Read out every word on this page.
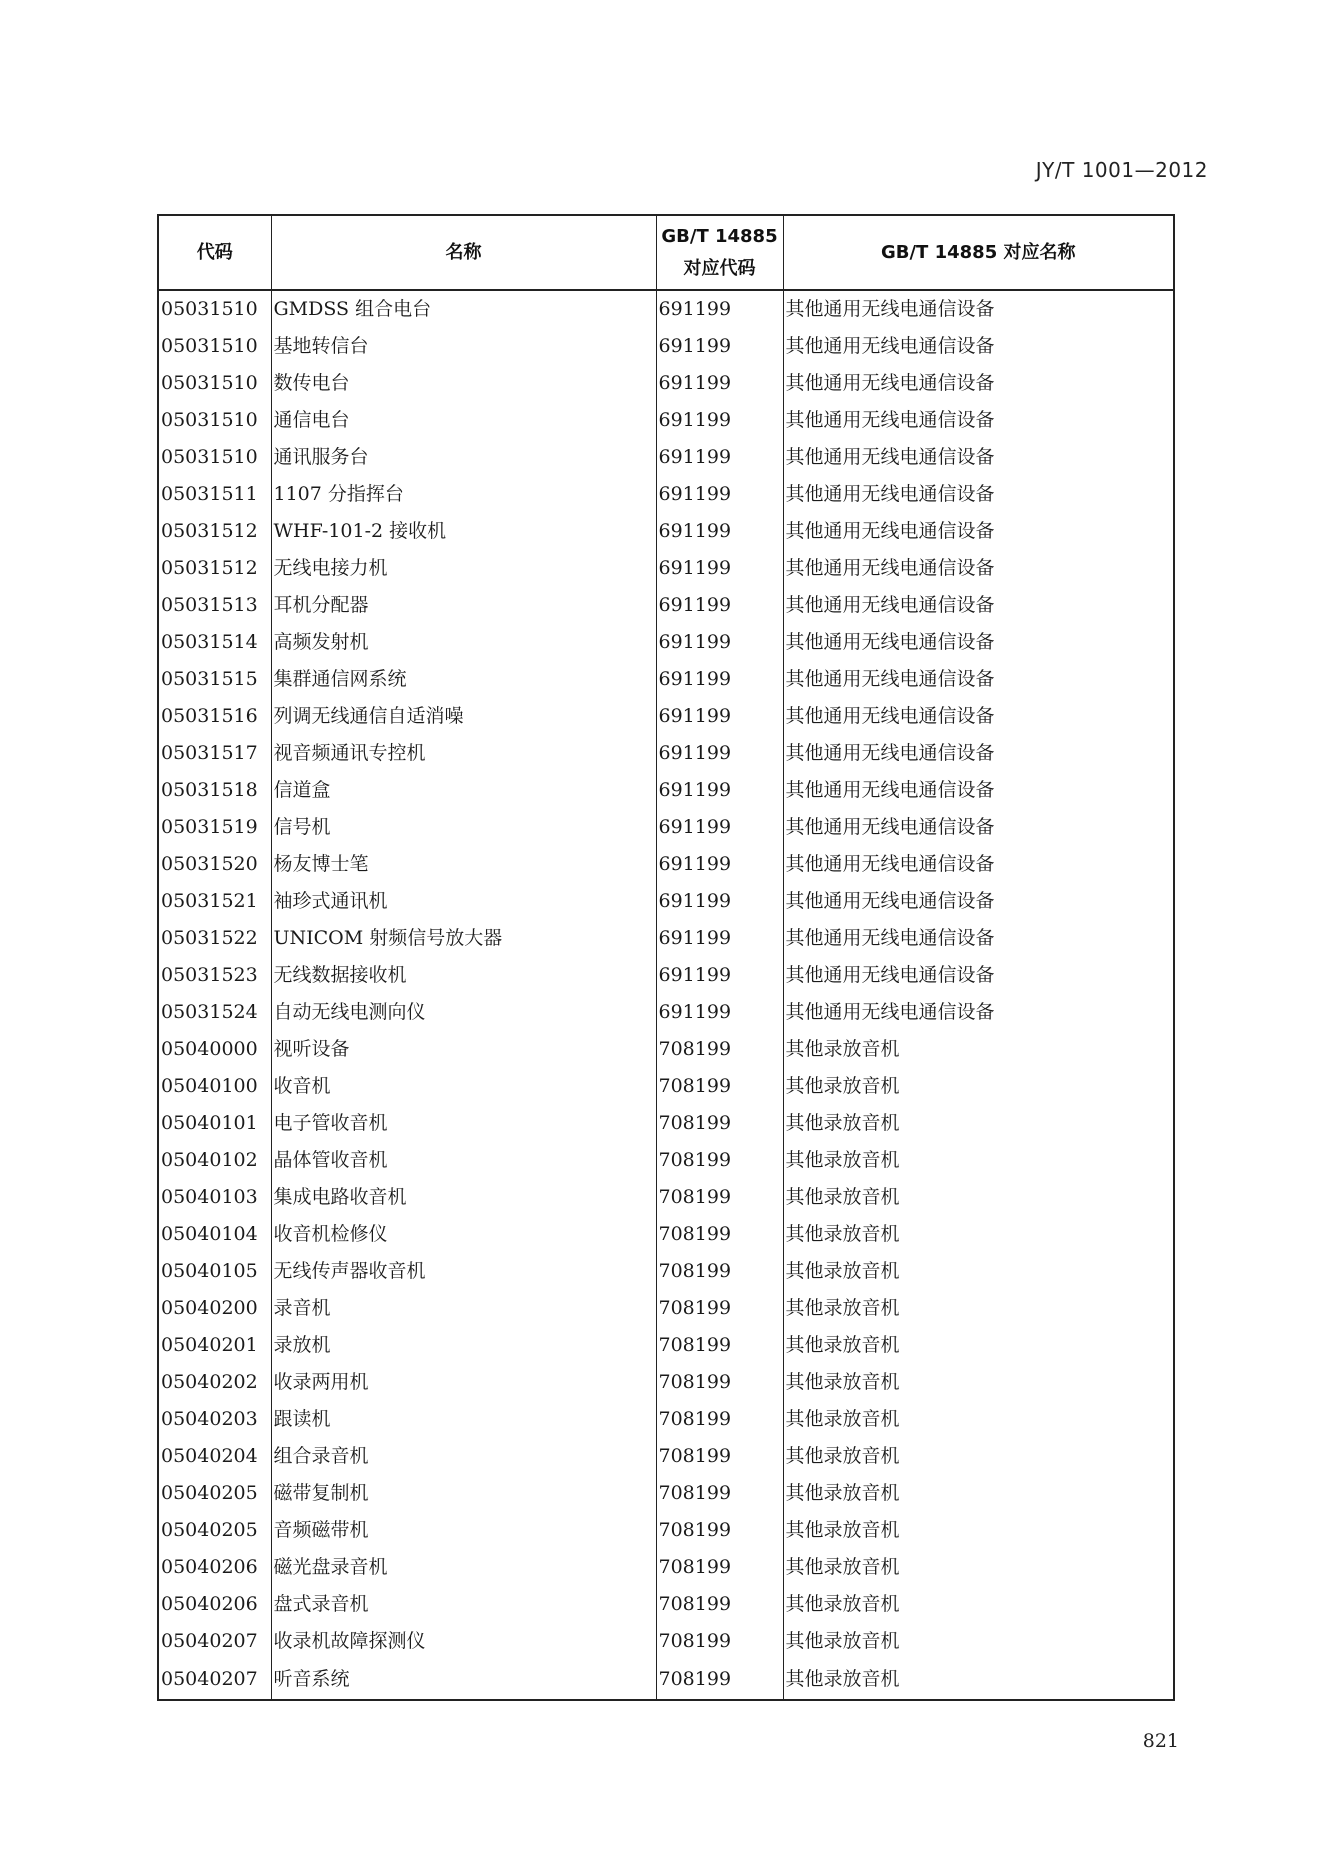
JY/T 1001—2012
代码	名称	GB/T 14885
对应代码	GB/T 14885 对应名称
05031510	GMDSS 组合电台	691199	其他通用无线电通信设备
05031510	基地转信台	691199	其他通用无线电通信设备
05031510	数传电台	691199	其他通用无线电通信设备
05031510	通信电台	691199	其他通用无线电通信设备
05031510	通讯服务台	691199	其他通用无线电通信设备
05031511	1107 分指挥台	691199	其他通用无线电通信设备
05031512	WHF-101-2 接收机	691199	其他通用无线电通信设备
05031512	无线电接力机	691199	其他通用无线电通信设备
05031513	耳机分配器	691199	其他通用无线电通信设备
05031514	高频发射机	691199	其他通用无线电通信设备
05031515	集群通信网系统	691199	其他通用无线电通信设备
05031516	列调无线通信自适消噪	691199	其他通用无线电通信设备
05031517	视音频通讯专控机	691199	其他通用无线电通信设备
05031518	信道盒	691199	其他通用无线电通信设备
05031519	信号机	691199	其他通用无线电通信设备
05031520	杨友博士笔	691199	其他通用无线电通信设备
05031521	袖珍式通讯机	691199	其他通用无线电通信设备
05031522	UNICOM 射频信号放大器	691199	其他通用无线电通信设备
05031523	无线数据接收机	691199	其他通用无线电通信设备
05031524	自动无线电测向仪	691199	其他通用无线电通信设备
05040000	视听设备	708199	其他录放音机
05040100	收音机	708199	其他录放音机
05040101	电子管收音机	708199	其他录放音机
05040102	晶体管收音机	708199	其他录放音机
05040103	集成电路收音机	708199	其他录放音机
05040104	收音机检修仪	708199	其他录放音机
05040105	无线传声器收音机	708199	其他录放音机
05040200	录音机	708199	其他录放音机
05040201	录放机	708199	其他录放音机
05040202	收录两用机	708199	其他录放音机
05040203	跟读机	708199	其他录放音机
05040204	组合录音机	708199	其他录放音机
05040205	磁带复制机	708199	其他录放音机
05040205	音频磁带机	708199	其他录放音机
05040206	磁光盘录音机	708199	其他录放音机
05040206	盘式录音机	708199	其他录放音机
05040207	收录机故障探测仪	708199	其他录放音机
05040207	听音系统	708199	其他录放音机
821
